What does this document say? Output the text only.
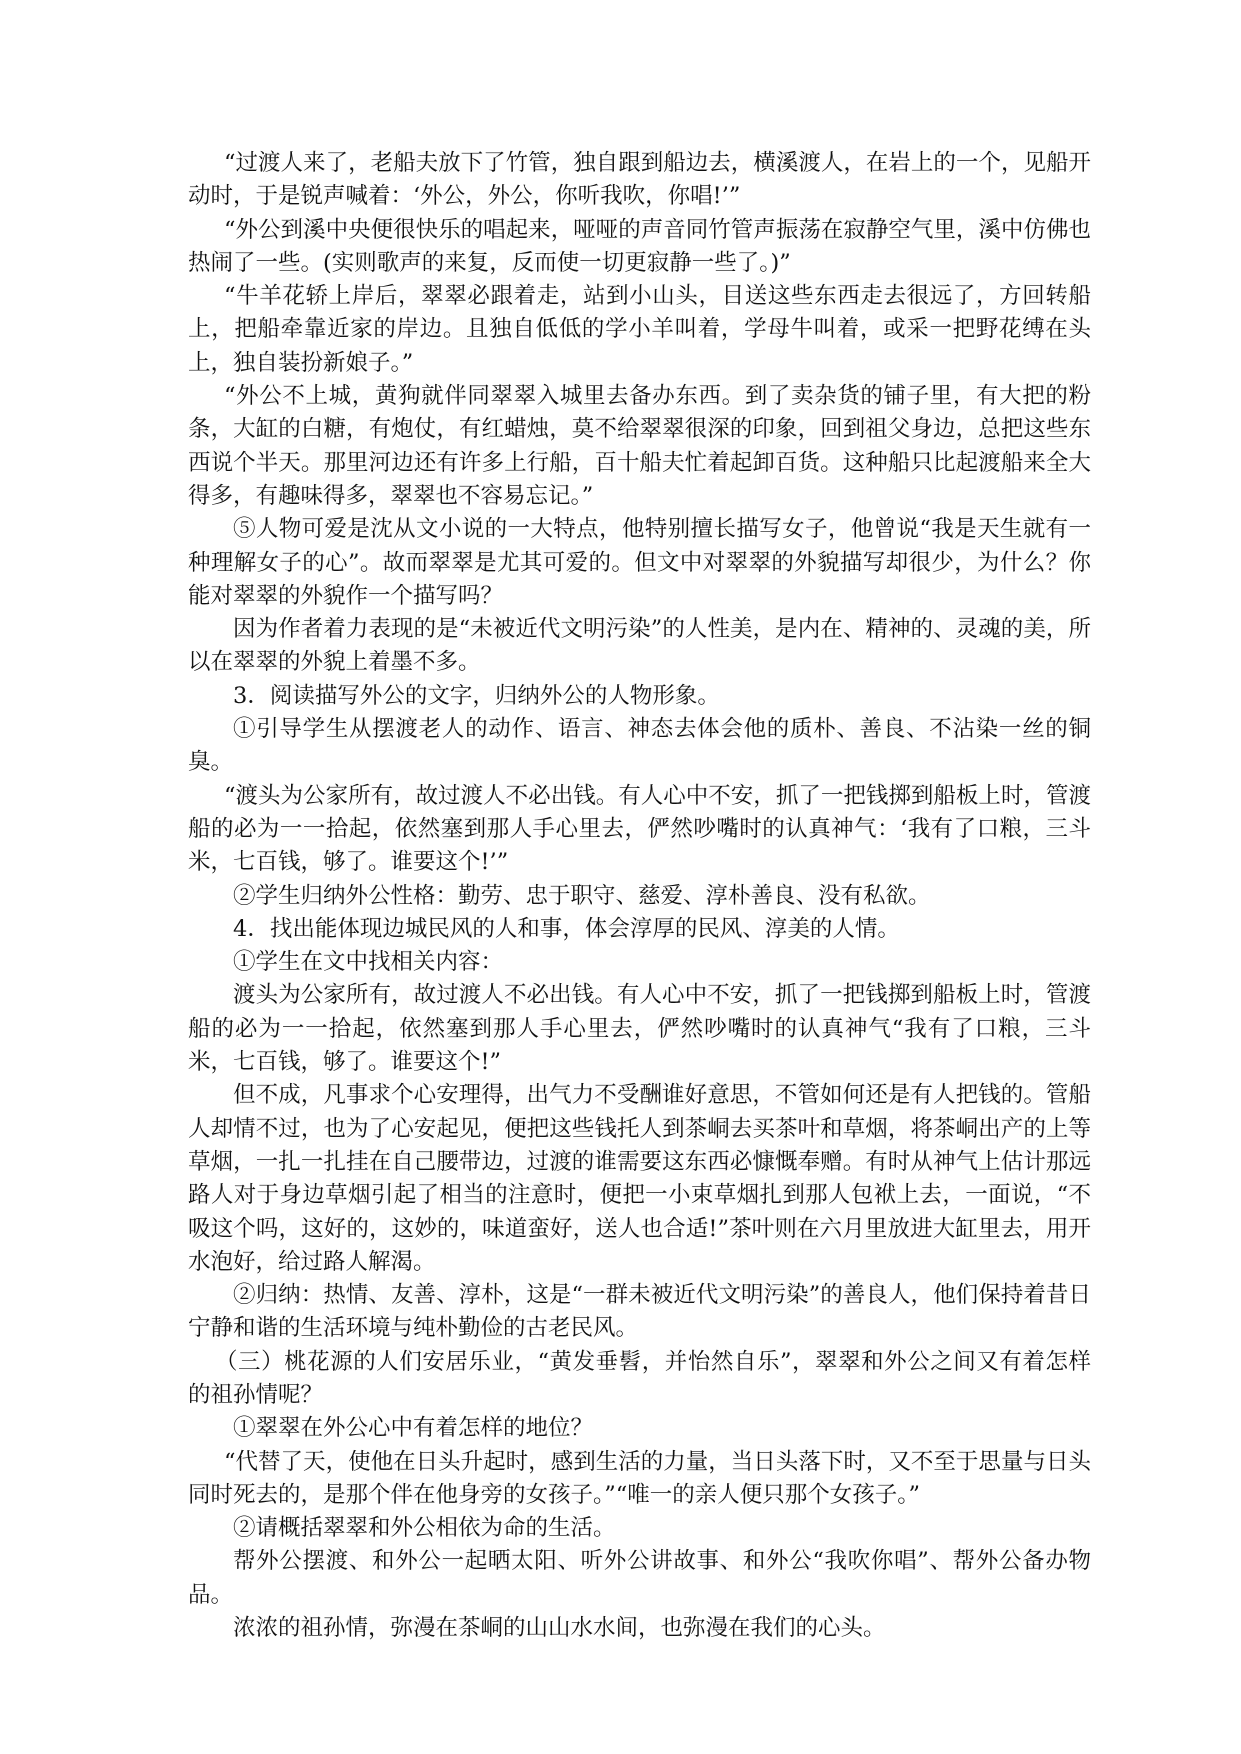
“过渡人来了，老船夫放下了竹管，独自跟到船边去，横溪渡人，在岩上的一个，见船开动时，于是锐声喊着：‘外公，外公，你听我吹，你唱!’”

“外公到溪中央便很快乐的唱起来，哑哑的声音同竹管声振荡在寂静空气里，溪中仿佛也热闹了一些。(实则歌声的来复，反而使一切更寂静一些了。)”

“牛羊花轿上岸后，翠翠必跟着走，站到小山头，目送这些东西走去很远了，方回转船上，把船牵靠近家的岸边。且独自低低的学小羊叫着，学母牛叫着，或采一把野花缚在头上，独自装扮新娘子。”

“外公不上城，黄狗就伴同翠翠入城里去备办东西。到了卖杂货的铺子里，有大把的粉条，大缸的白糖，有炮仗，有红蜡烛，莫不给翠翠很深的印象，回到祖父身边，总把这些东西说个半天。那里河边还有许多上行船，百十船夫忙着起卸百货。这种船只比起渡船来全大得多，有趣味得多，翠翠也不容易忘记。”

⑤人物可爱是沈从文小说的一大特点，他特别擅长描写女子，他曾说“我是天生就有一种理解女子的心”。故而翠翠是尤其可爱的。但文中对翠翠的外貌描写却很少，为什么？你能对翠翠的外貌作一个描写吗？

因为作者着力表现的是“未被近代文明污染”的人性美，是内在、精神的、灵魂的美，所以在翠翠的外貌上着墨不多。

3．阅读描写外公的文字，归纳外公的人物形象。

①引导学生从摆渡老人的动作、语言、神态去体会他的质朴、善良、不沾染一丝的铜臭。

“渡头为公家所有，故过渡人不必出钱。有人心中不安，抓了一把钱掷到船板上时，管渡船的必为一一拾起，依然塞到那人手心里去，俨然吵嘴时的认真神气：‘我有了口粮，三斗米，七百钱，够了。谁要这个!’”

②学生归纳外公性格：勤劳、忠于职守、慈爱、淳朴善良、没有私欲。

4．找出能体现边城民风的人和事，体会淳厚的民风、淳美的人情。

①学生在文中找相关内容：

渡头为公家所有，故过渡人不必出钱。有人心中不安，抓了一把钱掷到船板上时，管渡船的必为一一拾起，依然塞到那人手心里去，俨然吵嘴时的认真神气“我有了口粮，三斗米，七百钱，够了。谁要这个!”

但不成，凡事求个心安理得，出气力不受酬谁好意思，不管如何还是有人把钱的。管船人却情不过，也为了心安起见，便把这些钱托人到茶峒去买茶叶和草烟，将茶峒出产的上等草烟，一扎一扎挂在自己腰带边，过渡的谁需要这东西必慷慨奉赠。有时从神气上估计那远路人对于身边草烟引起了相当的注意时，便把一小束草烟扎到那人包袱上去，一面说，“不吸这个吗，这好的，这妙的，味道蛮好，送人也合适!”茶叶则在六月里放进大缸里去，用开水泡好，给过路人解渴。

②归纳：热情、友善、淳朴，这是“一群未被近代文明污染”的善良人，他们保持着昔日宁静和谐的生活环境与纯朴勤俭的古老民风。

（三）桃花源的人们安居乐业，“黄发垂髫，并怡然自乐”，翠翠和外公之间又有着怎样的祖孙情呢？

①翠翠在外公心中有着怎样的地位？

“代替了天，使他在日头升起时，感到生活的力量，当日头落下时，又不至于思量与日头同时死去的，是那个伴在他身旁的女孩子。”“唯一的亲人便只那个女孩子。”

②请概括翠翠和外公相依为命的生活。

帮外公摆渡、和外公一起晒太阳、听外公讲故事、和外公“我吹你唱”、帮外公备办物品。

浓浓的祖孙情，弥漫在茶峒的山山水水间，也弥漫在我们的心头。
